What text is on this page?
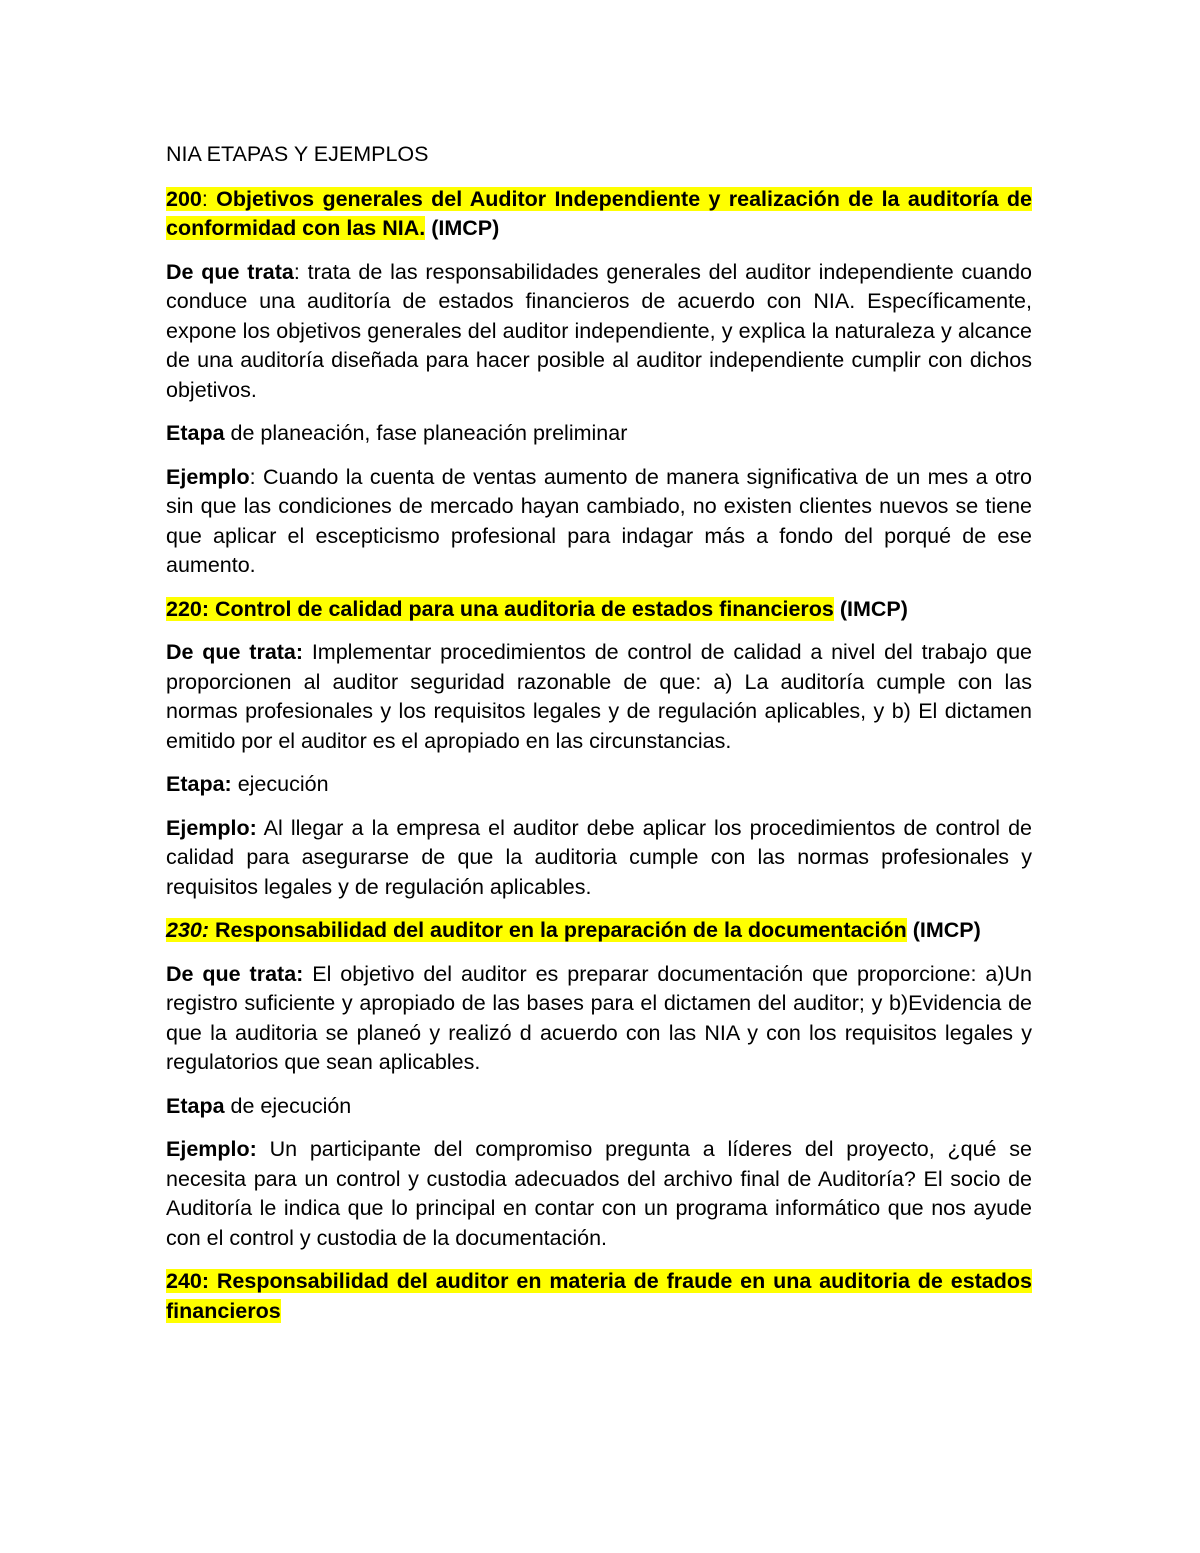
NIA ETAPAS Y EJEMPLOS

200: Objetivos generales del Auditor Independiente y realización de la auditoría de conformidad con las NIA. (IMCP)

De que trata: trata de las responsabilidades generales del auditor independiente cuando conduce una auditoría de estados financieros de acuerdo con NIA. Específicamente, expone los objetivos generales del auditor independiente, y explica la naturaleza y alcance de una auditoría diseñada para hacer posible al auditor independiente cumplir con dichos objetivos.

Etapa de planeación, fase planeación preliminar

Ejemplo: Cuando la cuenta de ventas aumento de manera significativa de un mes a otro sin que las condiciones de mercado hayan cambiado, no existen clientes nuevos se tiene que aplicar el escepticismo profesional para indagar más a fondo del porqué de ese aumento.

220: Control de calidad para una auditoria de estados financieros (IMCP)

De que trata: Implementar procedimientos de control de calidad a nivel del trabajo que proporcionen al auditor seguridad razonable de que: a) La auditoría cumple con las normas profesionales y los requisitos legales y de regulación aplicables, y b) El dictamen emitido por el auditor es el apropiado en las circunstancias.

Etapa: ejecución

Ejemplo: Al llegar a la empresa el auditor debe aplicar los procedimientos de control de calidad para asegurarse de que la auditoria cumple con las normas profesionales y requisitos legales y de regulación aplicables.

230: Responsabilidad del auditor en la preparación de la documentación (IMCP)

De que trata: El objetivo del auditor es preparar documentación que proporcione: a)Un registro suficiente y apropiado de las bases para el dictamen del auditor; y b)Evidencia de que la auditoria se planeó y realizó d acuerdo con las NIA y con los requisitos legales y regulatorios que sean aplicables.

Etapa de ejecución

Ejemplo: Un participante del compromiso pregunta a líderes del proyecto, ¿qué se necesita para un control y custodia adecuados del archivo final de Auditoría? El socio de Auditoría le indica que lo principal en contar con un programa informático que nos ayude con el control y custodia de la documentación.

240: Responsabilidad del auditor en materia de fraude en una auditoria de estados financieros
